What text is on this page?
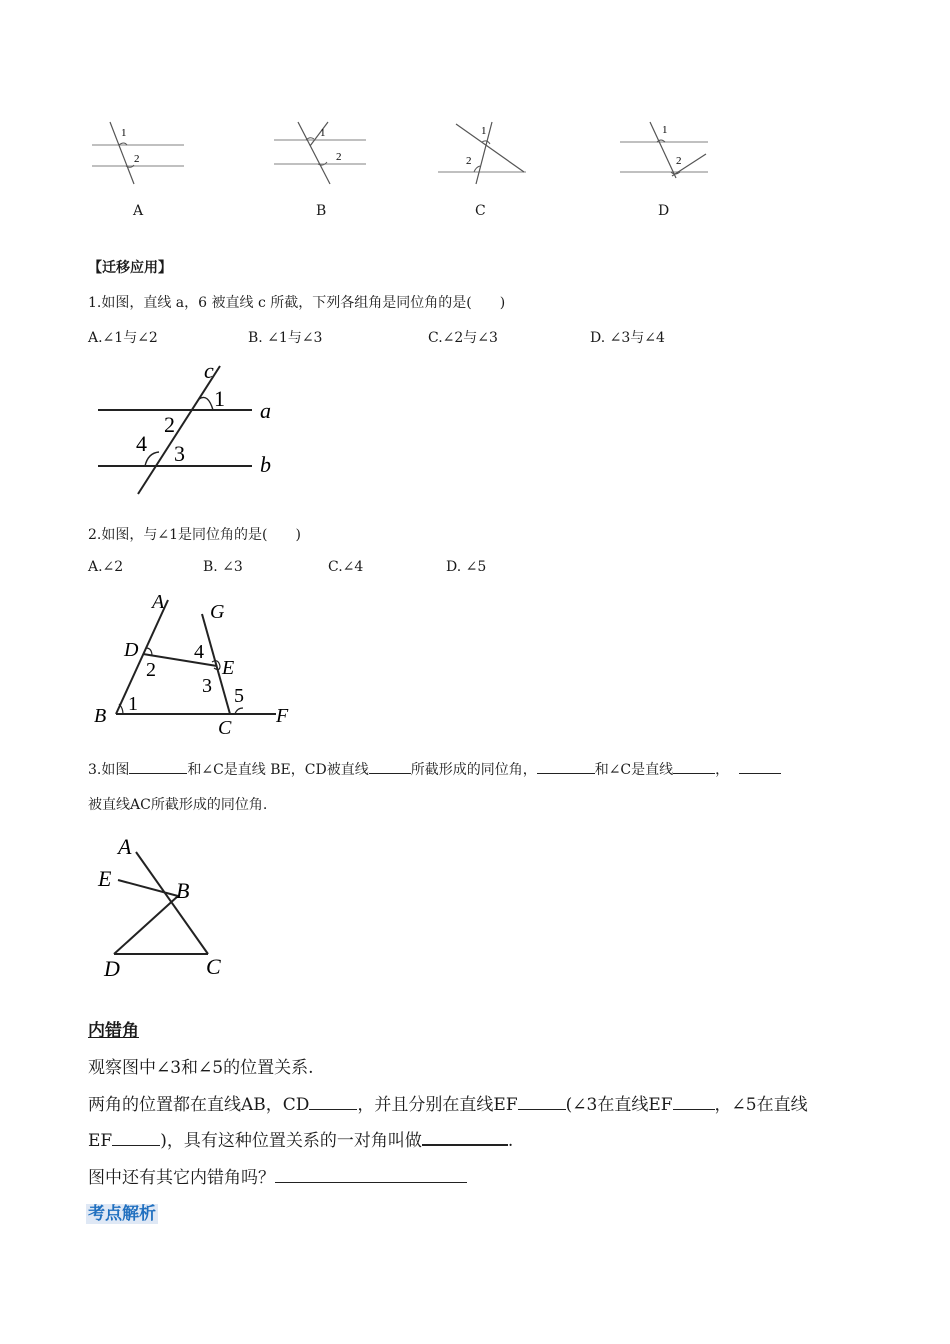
1
2
A
1
2
B
1
2
C
1
2
D
【迁移应用】
1.如图，直线 a，6 被直线 c 所截，下列各组角是同位角的是(　　)
A.∠1与∠2	B. ∠1与∠3	C.∠2与∠3	D. ∠3与∠4
c
a
b
1
2
3
4
2.如图，与∠1是同位角的是(　　)
A.∠2	B. ∠3	C.∠4	D. ∠5
A G
D
E
B
C
F
1
2
3
4
5
3.如图	和∠C是直线 BE，CD被直线	所截形成的同位角，	和∠C是直线	，
被直线AC所截形成的同位角.
A
E	B
D	C
内错角
观察图中∠3和∠5的位置关系.
两角的位置都在直线AB，CD	，并且分别在直线EF	(∠3在直线EF ，∠5在直线
EF	)，具有这种位置关系的一对角叫做	.
图中还有其它内错角吗？
考点解析
